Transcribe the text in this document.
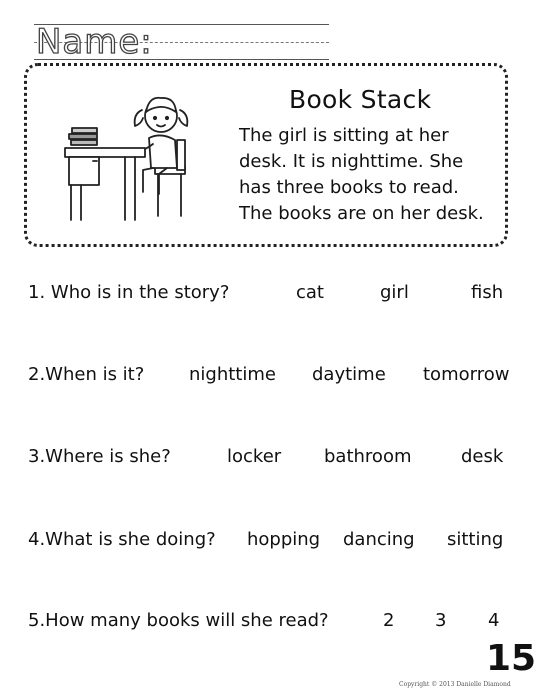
Name:
Book Stack
The girl is sitting at her
desk. It is nighttime. She
has three books to read.
The books are on her desk.
1. Who is in the story?	cat	girl	fish
2.When is it? nighttime daytime tomorrow
3.Where is she?	locker bathroom	desk
4.What is she doing? hopping dancing sitting
5.How many books will she read?	2 3 4
15
Copyright © 2013 Danielle Diamond
